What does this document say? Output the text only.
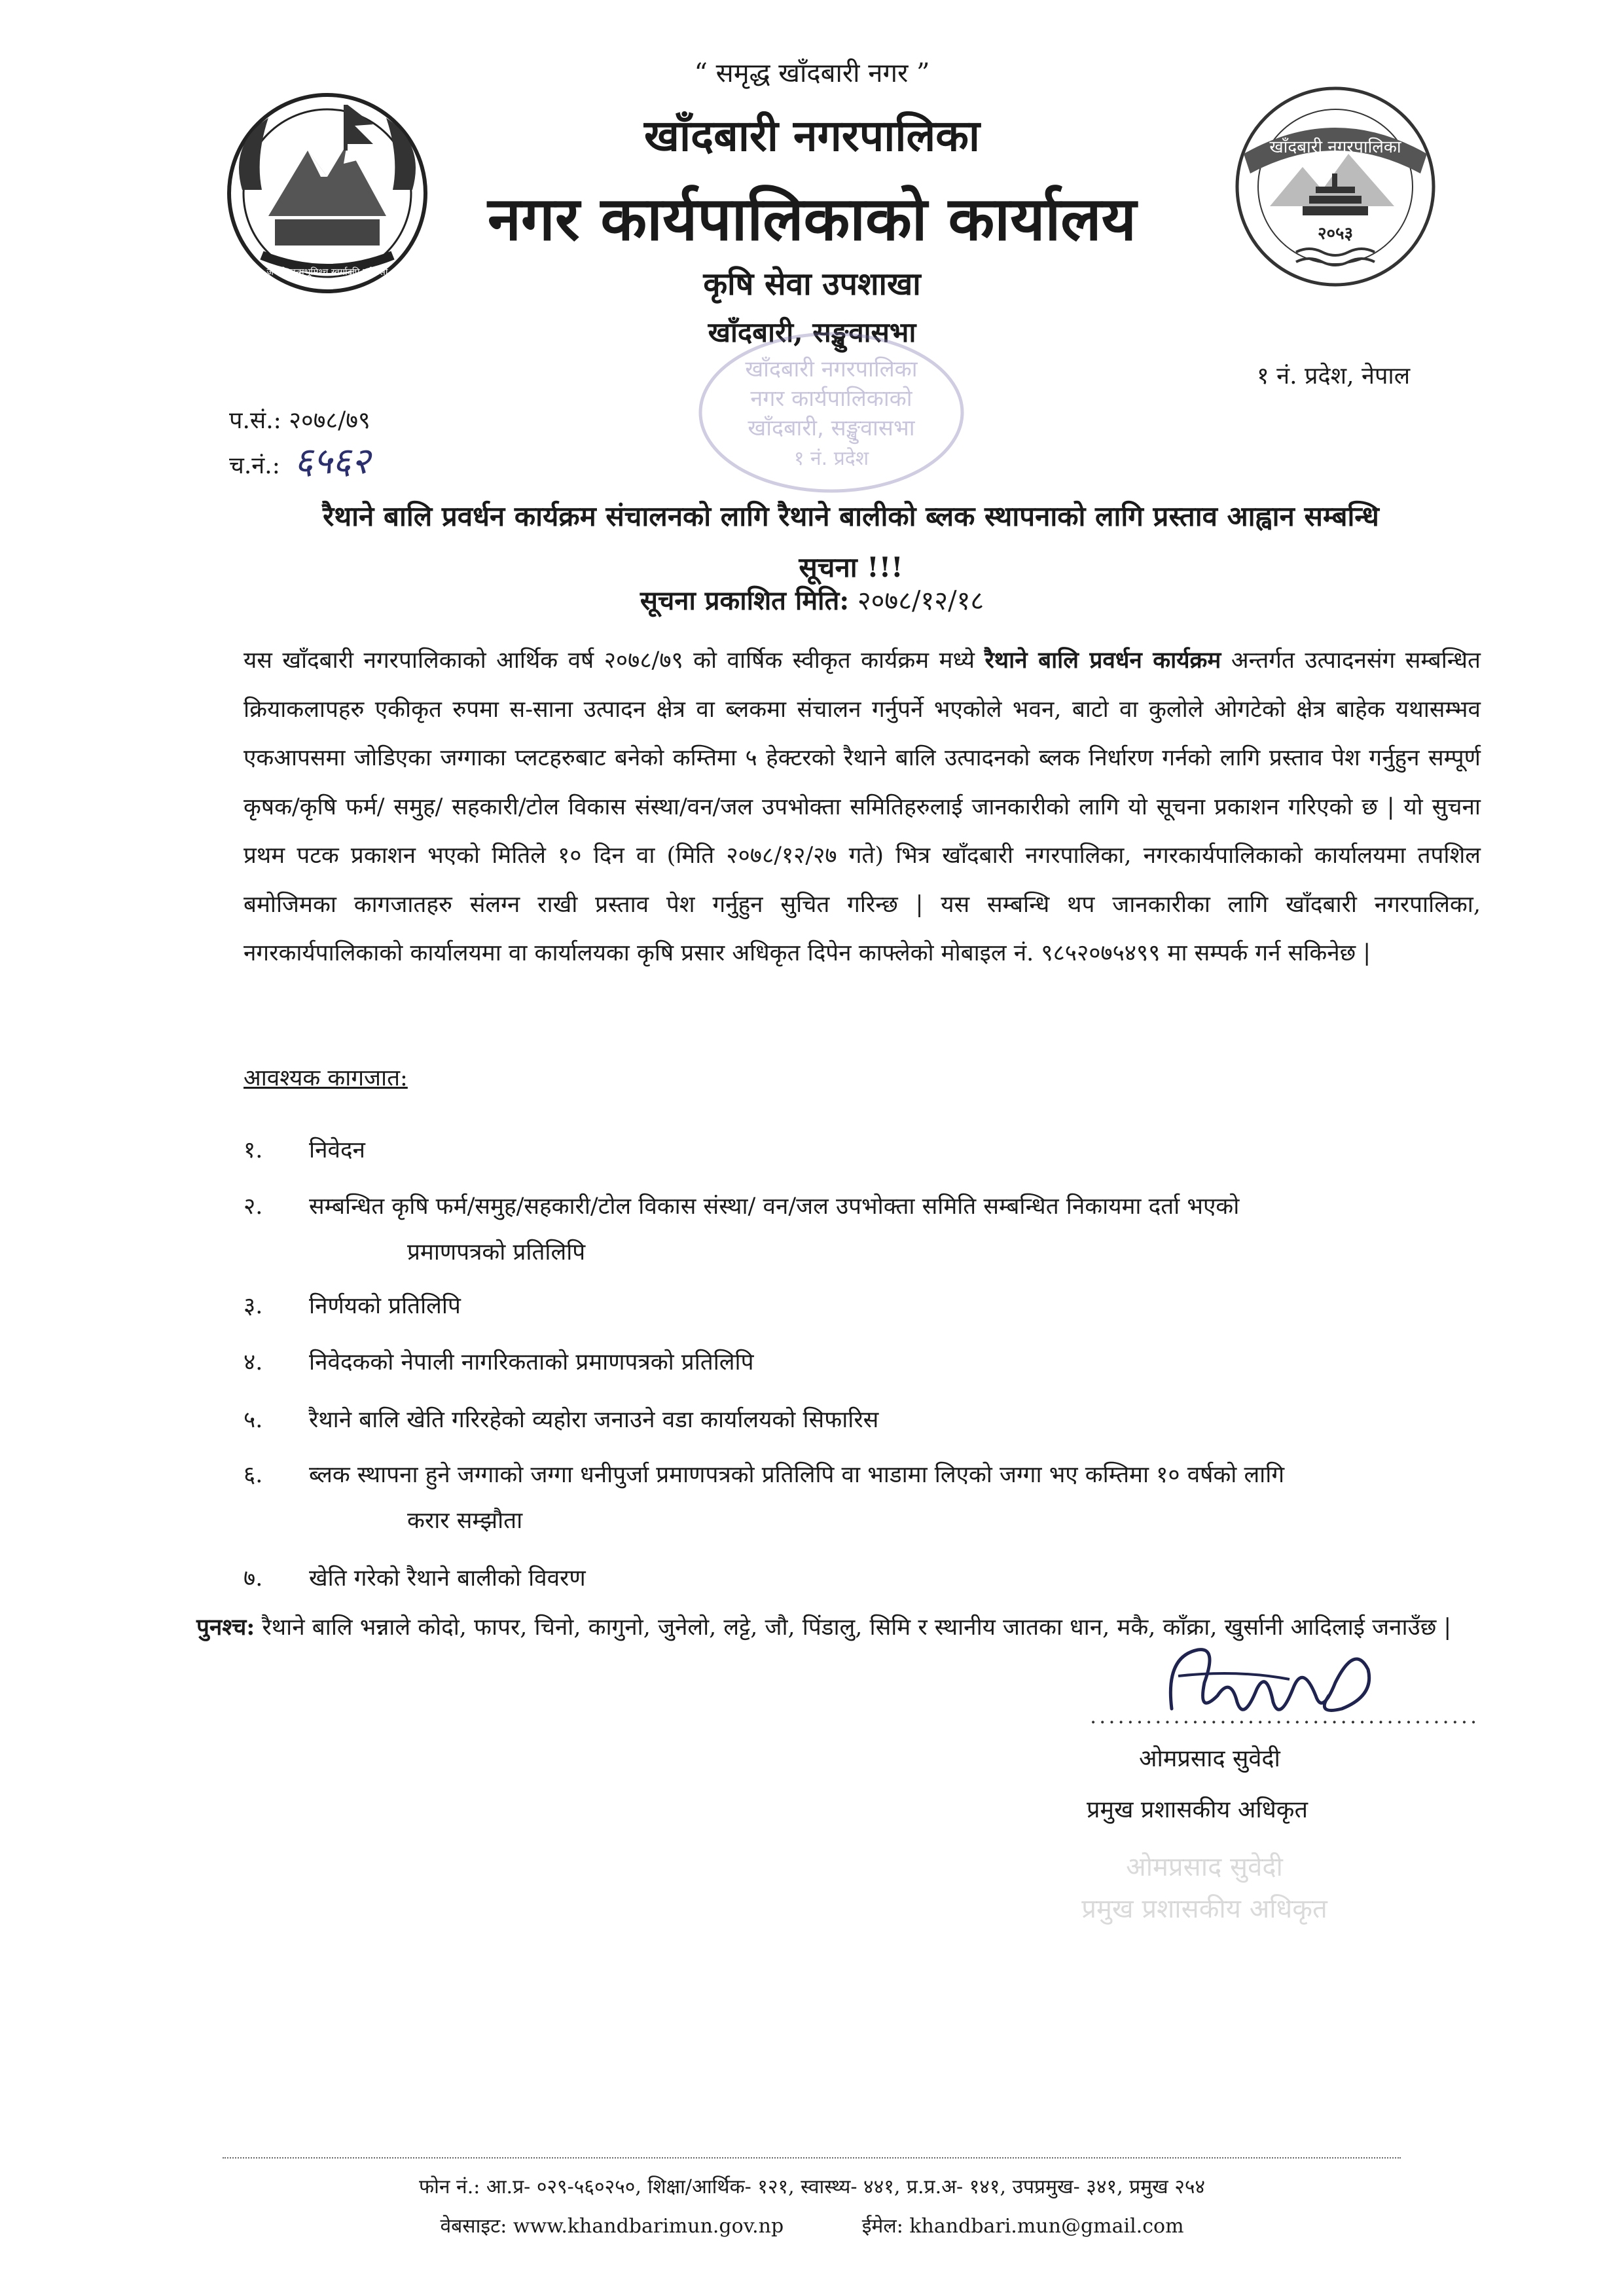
जननी जन्मभूमिश्च स्वर्गादपि गरीयसी
खाँदबारी नगरपालिका
२०५३
“ समृद्ध खाँदबारी नगर ”
खाँदबारी नगरपालिका
नगर कार्यपालिकाको कार्यालय
कृषि सेवा उपशाखा
खाँदबारी, सङ्खुवासभा
१ नं. प्रदेश, नेपाल
खाँदबारी नगरपालिका
नगर कार्यपालिकाको
खाँदबारी, सङ्खुवासभा
१ नं. प्रदेश
प.सं.: २०७८/७९
च.नं.: ६५६२
रैथाने बालि प्रवर्धन कार्यक्रम संचालनको लागि रैथाने बालीको ब्लक स्थापनाको लागि प्रस्ताव आह्वान सम्बन्धि
सूचना !!!
सूचना प्रकाशित मिति: २०७८/१२/१८
यस खाँदबारी नगरपालिकाको आर्थिक वर्ष २०७८/७९ को वार्षिक स्वीकृत कार्यक्रम मध्ये रैथाने बालि प्रवर्धन कार्यक्रम अन्तर्गत उत्पादनसंग सम्बन्धित क्रियाकलापहरु एकीकृत रुपमा स-साना उत्पादन क्षेत्र वा ब्लकमा संचालन गर्नुपर्ने भएकोले भवन, बाटो वा कुलोले ओगटेको क्षेत्र बाहेक यथासम्भव एकआपसमा जोडिएका जग्गाका प्लटहरुबाट बनेको कम्तिमा ५ हेक्टरको रैथाने बालि उत्पादनको ब्लक निर्धारण गर्नको लागि प्रस्ताव पेश गर्नुहुन सम्पूर्ण कृषक/कृषि फर्म/ समुह/ सहकारी/टोल विकास संस्था/वन/जल उपभोक्ता समितिहरुलाई जानकारीको लागि यो सूचना प्रकाशन गरिएको छ | यो सुचना प्रथम पटक प्रकाशन भएको मितिले १० दिन वा (मिति २०७८/१२/२७ गते) भित्र खाँदबारी नगरपालिका, नगरकार्यपालिकाको कार्यालयमा तपशिल बमोजिमका कागजातहरु संलग्न राखी प्रस्ताव पेश गर्नुहुन सुचित गरिन्छ | यस सम्बन्धि थप जानकारीका लागि खाँदबारी नगरपालिका, नगरकार्यपालिकाको कार्यालयमा वा कार्यालयका कृषि प्रसार अधिकृत दिपेन काफ्लेको मोबाइल नं. ९८५२०७५४९९ मा सम्पर्क गर्न सकिनेछ |
आवश्यक कागजात:
१. निवेदन
२. सम्बन्धित कृषि फर्म/समुह/सहकारी/टोल विकास संस्था/ वन/जल उपभोक्ता समिति सम्बन्धित निकायमा दर्ता भएको
प्रमाणपत्रको प्रतिलिपि
३. निर्णयको प्रतिलिपि
४. निवेदकको नेपाली नागरिकताको प्रमाणपत्रको प्रतिलिपि
५. रैथाने बालि खेति गरिरहेको व्यहोरा जनाउने वडा कार्यालयको सिफारिस
६. ब्लक स्थापना हुने जग्गाको जग्गा धनीपुर्जा प्रमाणपत्रको प्रतिलिपि वा भाडामा लिएको जग्गा भए कम्तिमा १० वर्षको लागि
करार सम्झौता
७. खेति गरेको रैथाने बालीको विवरण
पुनश्च: रैथाने बालि भन्नाले कोदो, फापर, चिनो, कागुनो, जुनेलो, लट्टे, जौ, पिंडालु, सिमि र स्थानीय जातका धान, मकै, काँक्रा, खुर्सानी आदिलाई जनाउँछ |
..........................................
ओमप्रसाद सुवेदी
प्रमुख प्रशासकीय अधिकृत
ओमप्रसाद सुवेदी
प्रमुख प्रशासकीय अधिकृत
फोन नं.: आ.प्र- ०२९-५६०२५०, शिक्षा/आर्थिक- १२१, स्वास्थ्य- ४४१, प्र.प्र.अ- १४१, उपप्रमुख- ३४१, प्रमुख २५४
वेबसाइट: www.khandbarimun.gov.np	ईमेल: khandbari.mun@gmail.com
